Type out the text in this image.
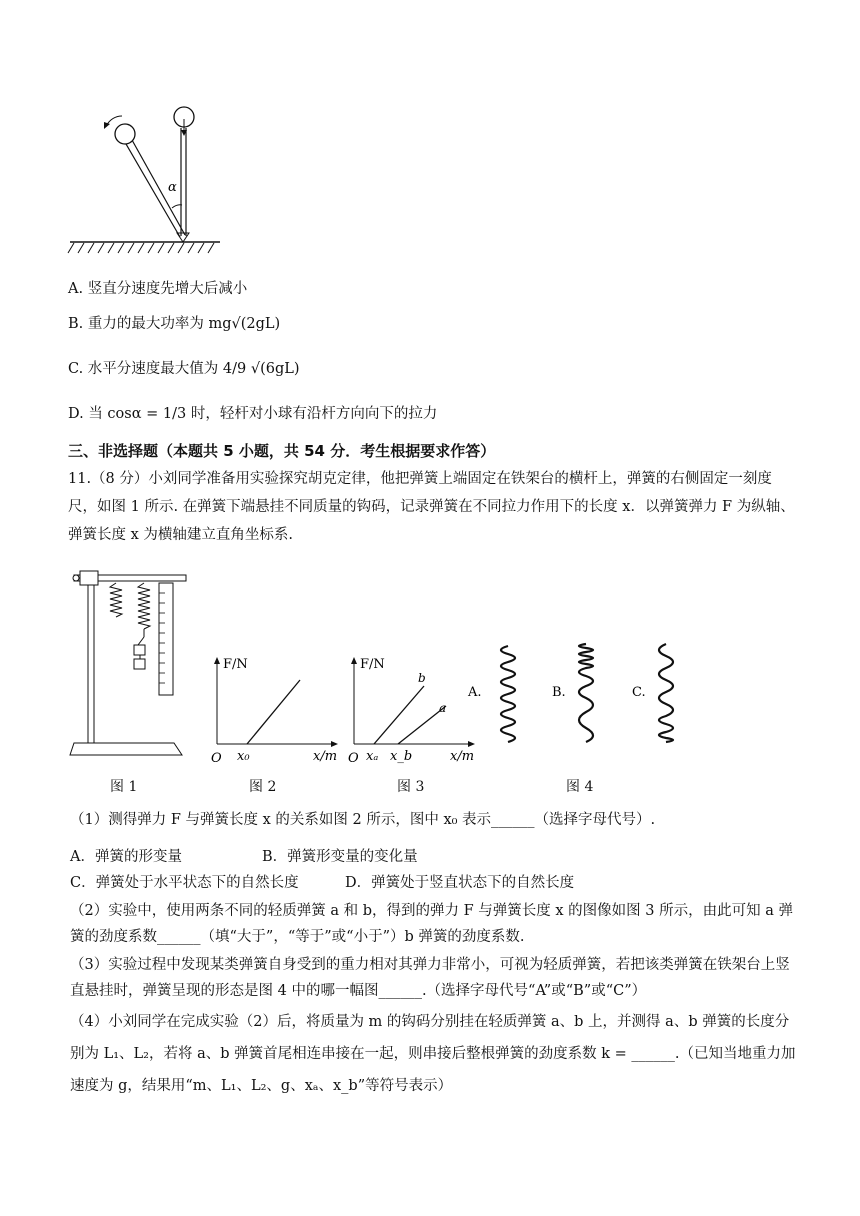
α
A. 竖直分速度先增大后减小
B. 重力的最大功率为 mg√(2gL)
C. 水平分速度最大值为 4/9 √(6gL)
D. 当 cosα = 1/3 时，轻杆对小球有沿杆方向向下的拉力
三、非选择题（本题共 5 小题，共 54 分．考生根据要求作答）
11.（8 分）小刘同学准备用实验探究胡克定律，他把弹簧上端固定在铁架台的横杆上，弹簧的右侧固定一刻度尺，如图 1 所示. 在弹簧下端悬挂不同质量的钩码，记录弹簧在不同拉力作用下的长度 x．以弹簧弹力 F 为纵轴、弹簧长度 x 为横轴建立直角坐标系.
F/N
x/m
O x₀
F/N
x/m
O xₐ x_b
b
a
A.	B.	C.
图 1	图 2	图 3	图 4
（1）测得弹力 F 与弹簧长度 x 的关系如图 2 所示，图中 x₀ 表示______（选择字母代号）.
A．弹簧的形变量	B．弹簧形变量的变化量
C．弹簧处于水平状态下的自然长度	D．弹簧处于竖直状态下的自然长度
（2）实验中，使用两条不同的轻质弹簧 a 和 b，得到的弹力 F 与弹簧长度 x 的图像如图 3 所示，由此可知 a 弹簧的劲度系数______（填“大于”，“等于”或“小于”）b 弹簧的劲度系数.
（3）实验过程中发现某类弹簧自身受到的重力相对其弹力非常小，可视为轻质弹簧，若把该类弹簧在铁架台上竖直悬挂时，弹簧呈现的形态是图 4 中的哪一幅图______.（选择字母代号“A”或“B”或“C”）
（4）小刘同学在完成实验（2）后，将质量为 m 的钩码分别挂在轻质弹簧 a、b 上，并测得 a、b 弹簧的长度分别为 L₁、L₂，若将 a、b 弹簧首尾相连串接在一起，则串接后整根弹簧的劲度系数 k = ______.（已知当地重力加速度为 g，结果用“m、L₁、L₂、g、xₐ、x_b”等符号表示）
